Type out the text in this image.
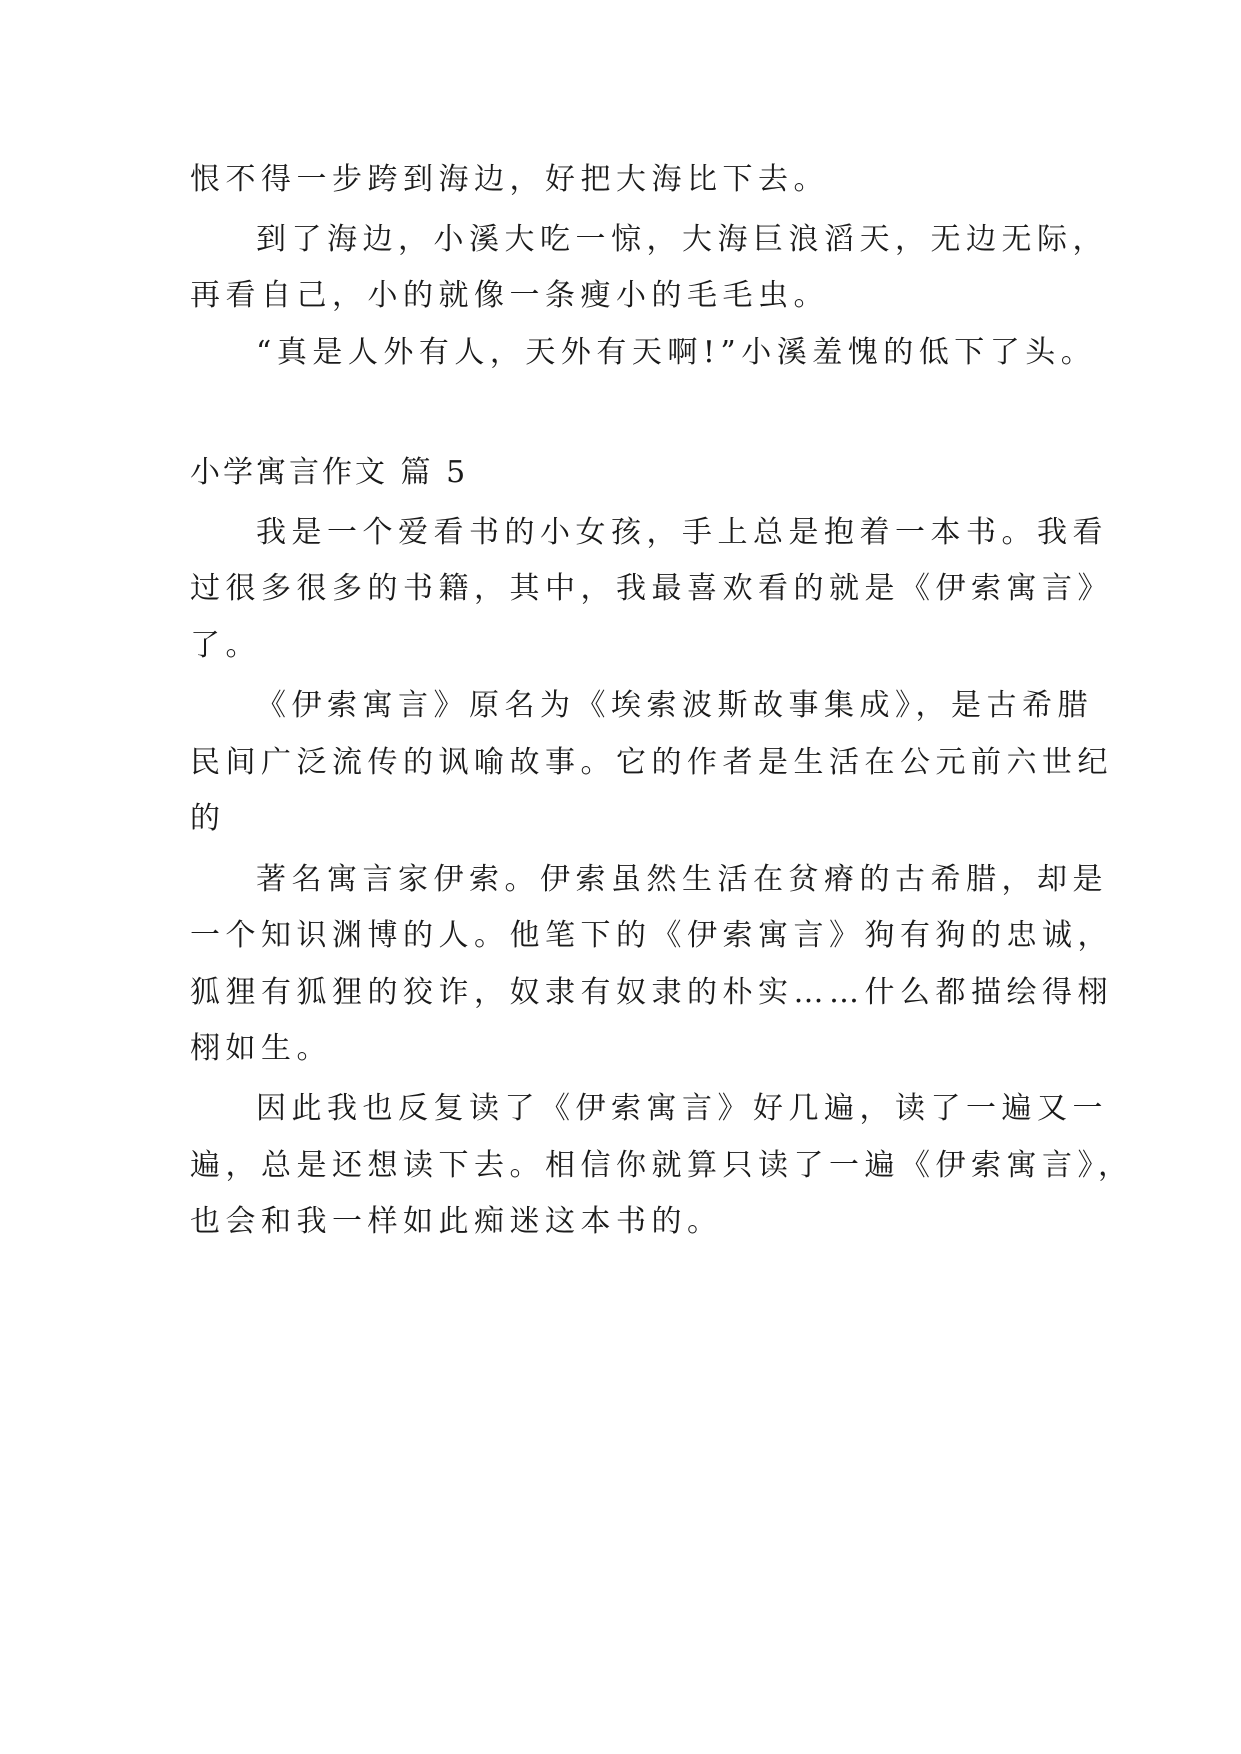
恨不得一步跨到海边，好把大海比下去。
到了海边，小溪大吃一惊，大海巨浪滔天，无边无际，
再看自己，小的就像一条瘦小的毛毛虫。
“真是人外有人，天外有天啊!”小溪羞愧的低下了头。
小学寓言作文 篇 5
我是一个爱看书的小女孩，手上总是抱着一本书。我看
过很多很多的书籍，其中，我最喜欢看的就是《伊索寓言》
了。
《伊索寓言》原名为《埃索波斯故事集成》，是古希腊
民间广泛流传的讽喻故事。它的作者是生活在公元前六世纪
的
著名寓言家伊索。伊索虽然生活在贫瘠的古希腊，却是
一个知识渊博的人。他笔下的《伊索寓言》狗有狗的忠诚，
狐狸有狐狸的狡诈，奴隶有奴隶的朴实……什么都描绘得栩
栩如生。
因此我也反复读了《伊索寓言》好几遍，读了一遍又一
遍，总是还想读下去。相信你就算只读了一遍《伊索寓言》，
也会和我一样如此痴迷这本书的。
